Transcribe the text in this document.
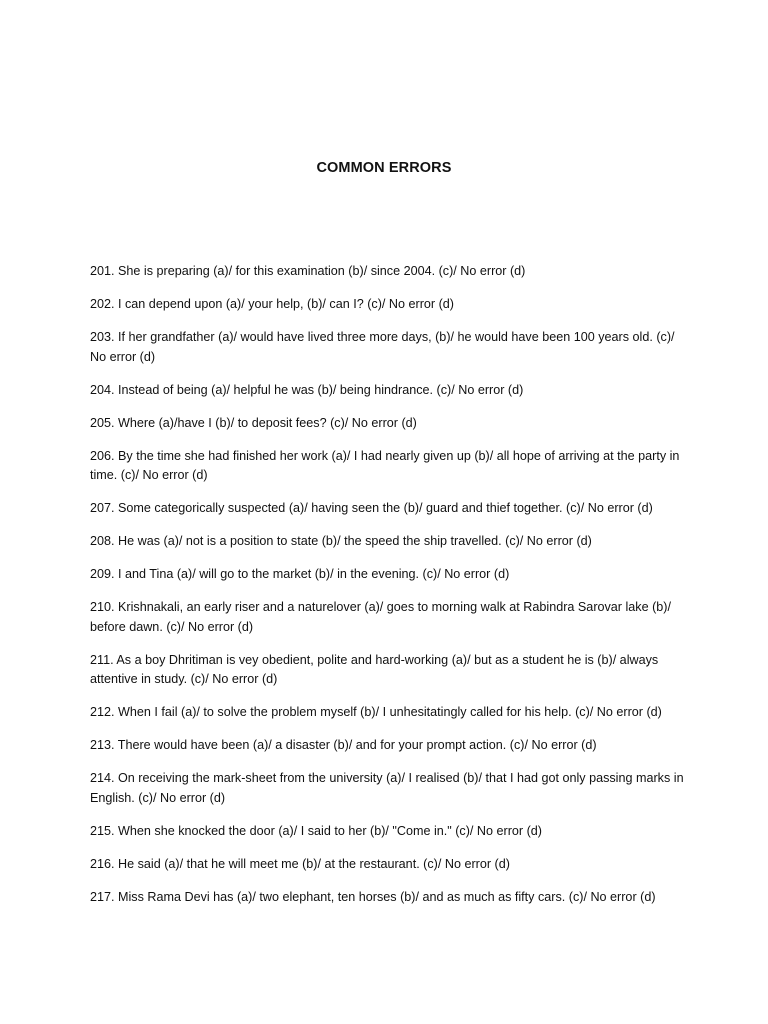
COMMON ERRORS
201. She is preparing (a)/ for this examination (b)/ since 2004. (c)/ No error (d)
202. I can depend upon (a)/ your help, (b)/ can I? (c)/ No error (d)
203. If her grandfather (a)/ would have lived three more days, (b)/ he would have been 100 years old. (c)/ No error (d)
204. Instead of being (a)/ helpful he was (b)/ being hindrance. (c)/ No error (d)
205. Where (a)/have I (b)/ to deposit fees? (c)/ No error (d)
206. By the time she had finished her work (a)/ I had nearly given up (b)/ all hope of arriving at the party in time. (c)/ No error (d)
207. Some categorically suspected (a)/ having seen the (b)/ guard and thief together. (c)/ No error (d)
208. He was (a)/ not is a position to state (b)/ the speed the ship travelled. (c)/ No error (d)
209. I and Tina (a)/ will go to the market (b)/ in the evening. (c)/ No error (d)
210. Krishnakali, an early riser and a naturelover (a)/ goes to morning walk at Rabindra Sarovar lake (b)/ before dawn. (c)/ No error (d)
211. As a boy Dhritiman is vey obedient, polite and hard-working (a)/ but as a student he is (b)/ always attentive in study. (c)/ No error (d)
212. When I fail (a)/ to solve the problem myself (b)/ I unhesitatingly called for his help. (c)/ No error (d)
213. There would have been (a)/ a disaster (b)/ and for your prompt action. (c)/ No error (d)
214. On receiving the mark-sheet from the university (a)/ I realised (b)/ that I had got only passing marks in English. (c)/ No error (d)
215. When she knocked the door (a)/ I said to her (b)/ "Come in." (c)/ No error (d)
216. He said (a)/ that he will meet me (b)/ at the restaurant. (c)/ No error (d)
217. Miss Rama Devi has (a)/ two elephant, ten horses (b)/ and as much as fifty cars. (c)/ No error (d)
